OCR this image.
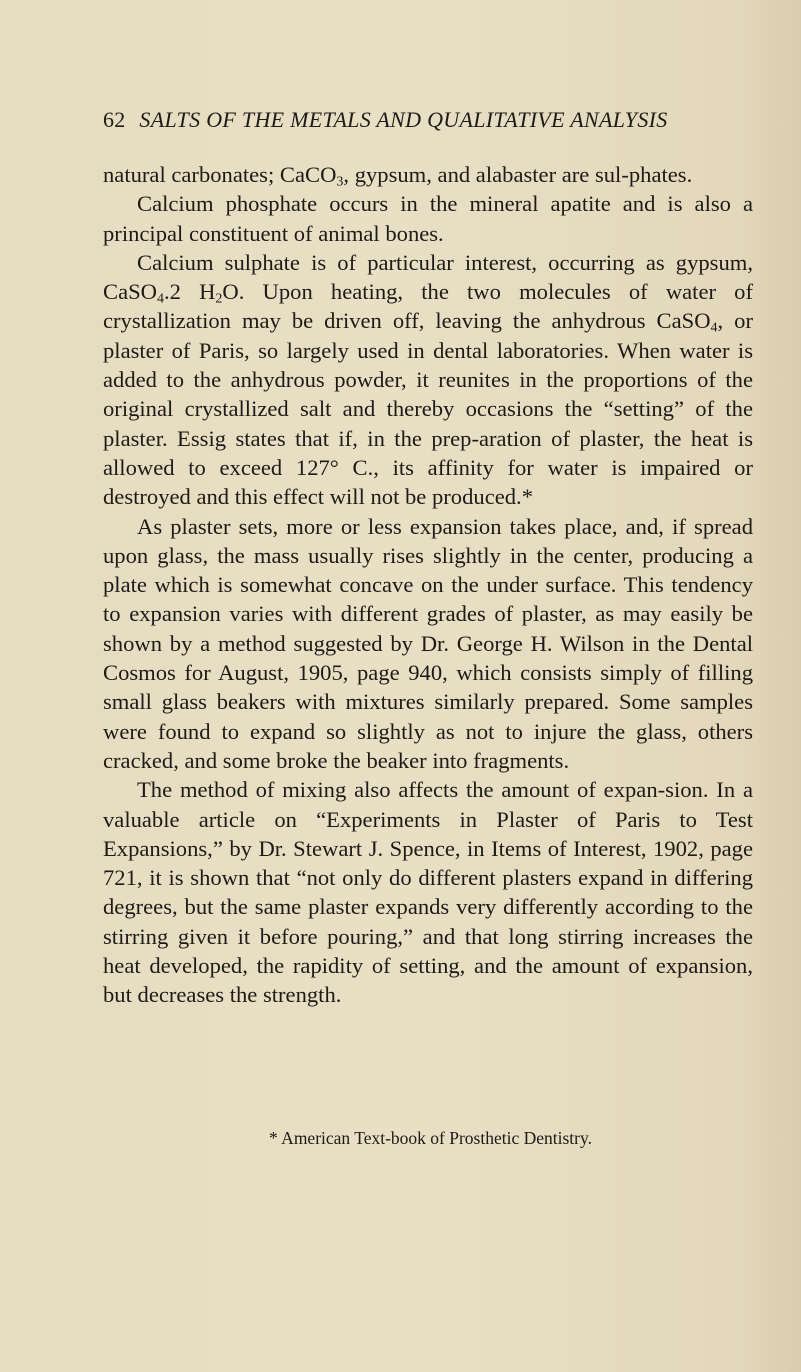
62 SALTS OF THE METALS AND QUALITATIVE ANALYSIS

natural carbonates; CaCO$_3$, gypsum, and alabaster are sul-phates.

Calcium phosphate occurs in the mineral apatite and is also a principal constituent of animal bones.

Calcium sulphate is of particular interest, occurring as gypsum, CaSO$_4$.2 $H_2O$. Upon heating, the two molecules of water of crystallization may be driven off, leaving the anhydrous CaSO$_4$, or plaster of Paris, so largely used in dental laboratories. When water is added to the anhydrous powder, it reunites in the proportions of the original crystallized salt and thereby occasions the “setting” of the plaster. Essig states that if, in the prep-aration of plaster, the heat is allowed to exceed 127° C., its affinity for water is impaired or destroyed and this effect will not be produced.*

As plaster sets, more or less expansion takes place, and, if spread upon glass, the mass usually rises slightly in the center, producing a plate which is somewhat concave on the under surface. This tendency to expansion varies with different grades of plaster, as may easily be shown by a method suggested by Dr. George H. Wilson in the Dental Cosmos for August, 1905, page 940, which consists simply of filling small glass beakers with mixtures similarly prepared. Some samples were found to expand so slightly as not to injure the glass, others cracked, and some broke the beaker into fragments.

The method of mixing also affects the amount of expan-sion. In a valuable article on “Experiments in Plaster of Paris to Test Expansions,” by Dr. Stewart J. Spence, in Items of Interest, 1902, page 721, it is shown that “not only do different plasters expand in differing degrees, but the same plaster expands very differently according to the stirring given it before pouring,” and that long stirring increases the heat developed, the rapidity of setting, and the amount of expansion, but decreases the strength.

* American Text-book of Prosthetic Dentistry.
